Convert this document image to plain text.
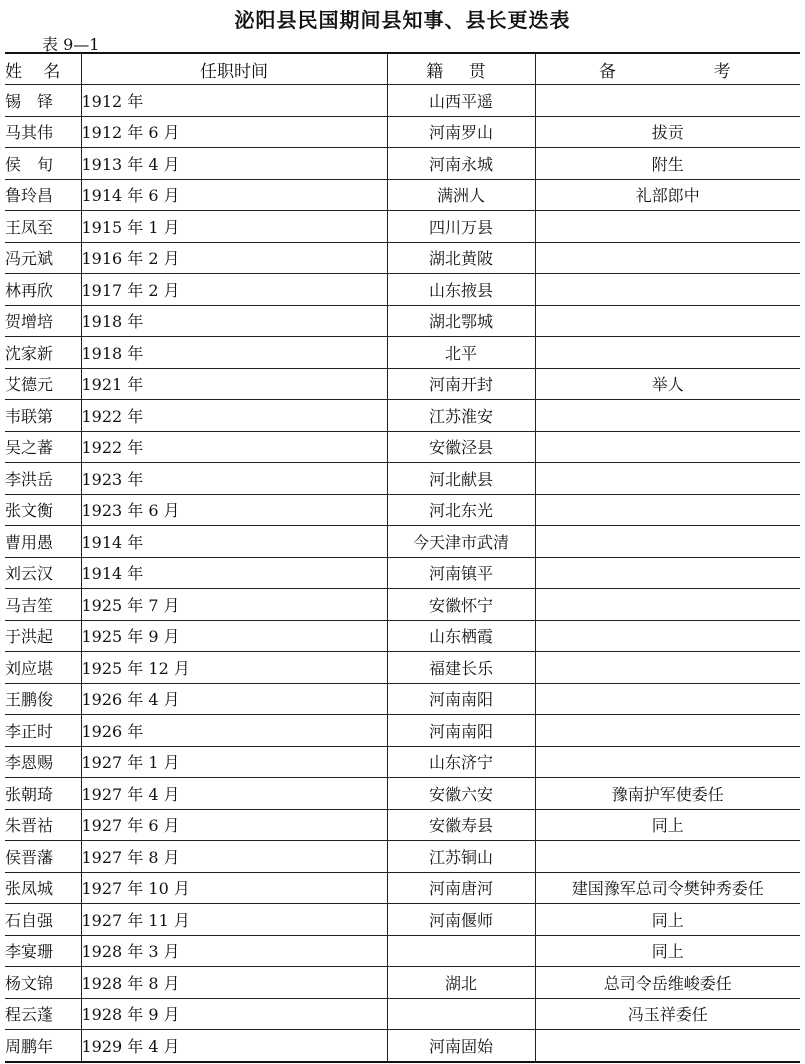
泌阳县民国期间县知事、县长更迭表
表 9—1
姓 名	任职时间	籍 贯	备 考
锡　铎	1912 年	山西平遥	
马其伟	1912 年 6 月	河南罗山	拔贡
侯　旬	1913 年 4 月	河南永城	附生
鲁玲昌	1914 年 6 月	满洲人	礼部郎中
王凤至	1915 年 1 月	四川万县	
冯元斌	1916 年 2 月	湖北黄陂	
林再欣	1917 年 2 月	山东掖县	
贺增培	1918 年	湖北鄂城	
沈家新	1918 年	北平	
艾德元	1921 年	河南开封	举人
韦联第	1922 年	江苏淮安	
吴之蕃	1922 年	安徽泾县	
李洪岳	1923 年	河北献县	
张文衡	1923 年 6 月	河北东光	
曹用愚	1914 年	今天津市武清	
刘云汉	1914 年	河南镇平	
马吉笙	1925 年 7 月	安徽怀宁	
于洪起	1925 年 9 月	山东栖霞	
刘应堪	1925 年 12 月	福建长乐	
王鹏俊	1926 年 4 月	河南南阳	
李正时	1926 年	河南南阳	
李恩赐	1927 年 1 月	山东济宁	
张朝琦	1927 年 4 月	安徽六安	豫南护军使委任
朱晋祜	1927 年 6 月	安徽寿县	同上
侯晋藩	1927 年 8 月	江苏铜山	
张凤城	1927 年 10 月	河南唐河	建国豫军总司令樊钟秀委任
石自强	1927 年 11 月	河南偃师	同上
李宴珊	1928 年 3 月		同上
杨文锦	1928 年 8 月	湖北	总司令岳维峻委任
程云蓬	1928 年 9 月		冯玉祥委任
周鹏年	1929 年 4 月	河南固始	
